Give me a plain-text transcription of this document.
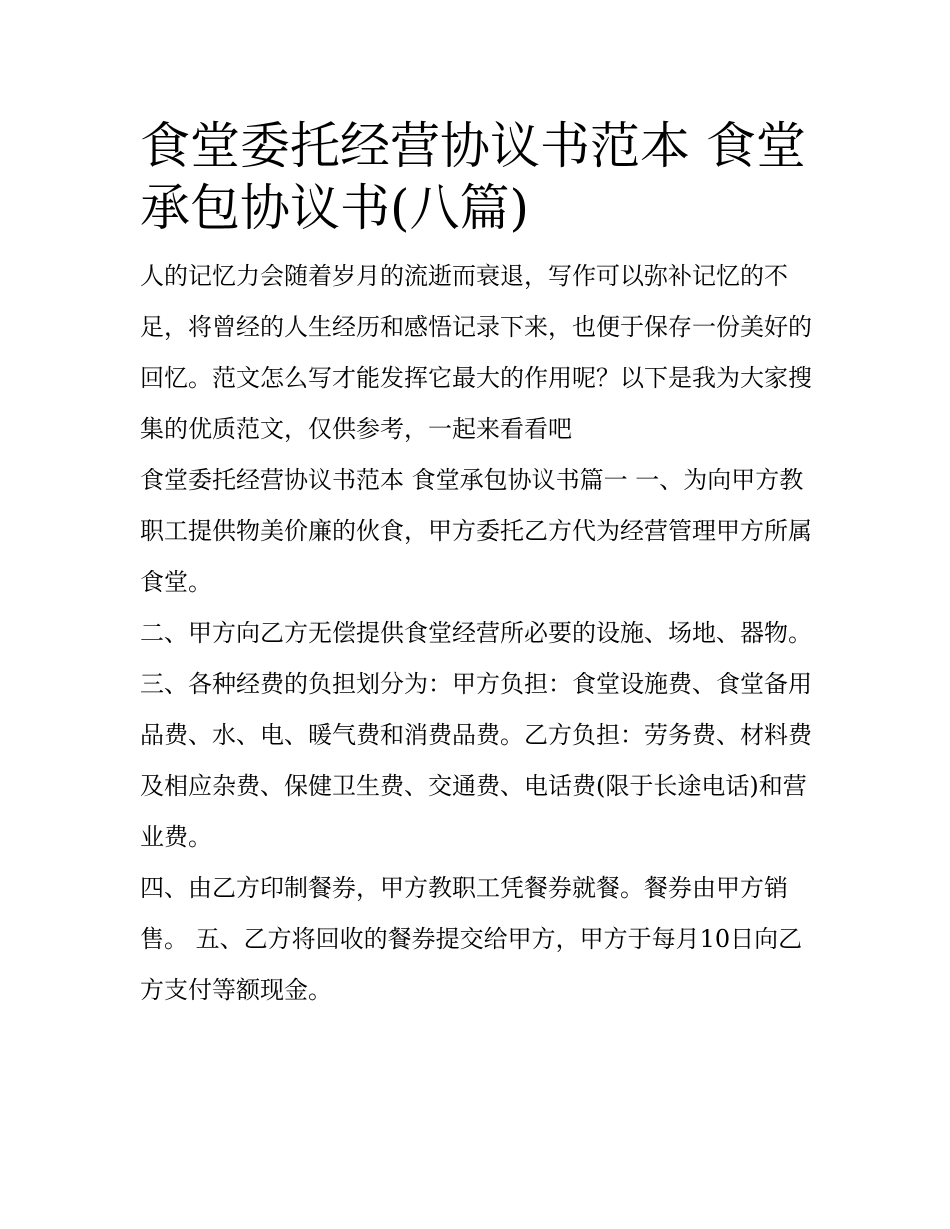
食堂委托经营协议书范本 食堂承包协议书(八篇)

人的记忆力会随着岁月的流逝而衰退，写作可以弥补记忆的不足，将曾经的人生经历和感悟记录下来，也便于保存一份美好的回忆。范文怎么写才能发挥它最大的作用呢？以下是我为大家搜集的优质范文，仅供参考，一起来看看吧

食堂委托经营协议书范本 食堂承包协议书篇一 一、为向甲方教职工提供物美价廉的伙食，甲方委托乙方代为经营管理甲方所属食堂。

二、甲方向乙方无偿提供食堂经营所必要的设施、场地、器物。

三、各种经费的负担划分为：甲方负担：食堂设施费、食堂备用品费、水、电、暖气费和消费品费。乙方负担：劳务费、材料费及相应杂费、保健卫生费、交通费、电话费(限于长途电话)和营业费。

四、由乙方印制餐券，甲方教职工凭餐券就餐。餐券由甲方销售。 五、乙方将回收的餐券提交给甲方，甲方于每月10日向乙方支付等额现金。
